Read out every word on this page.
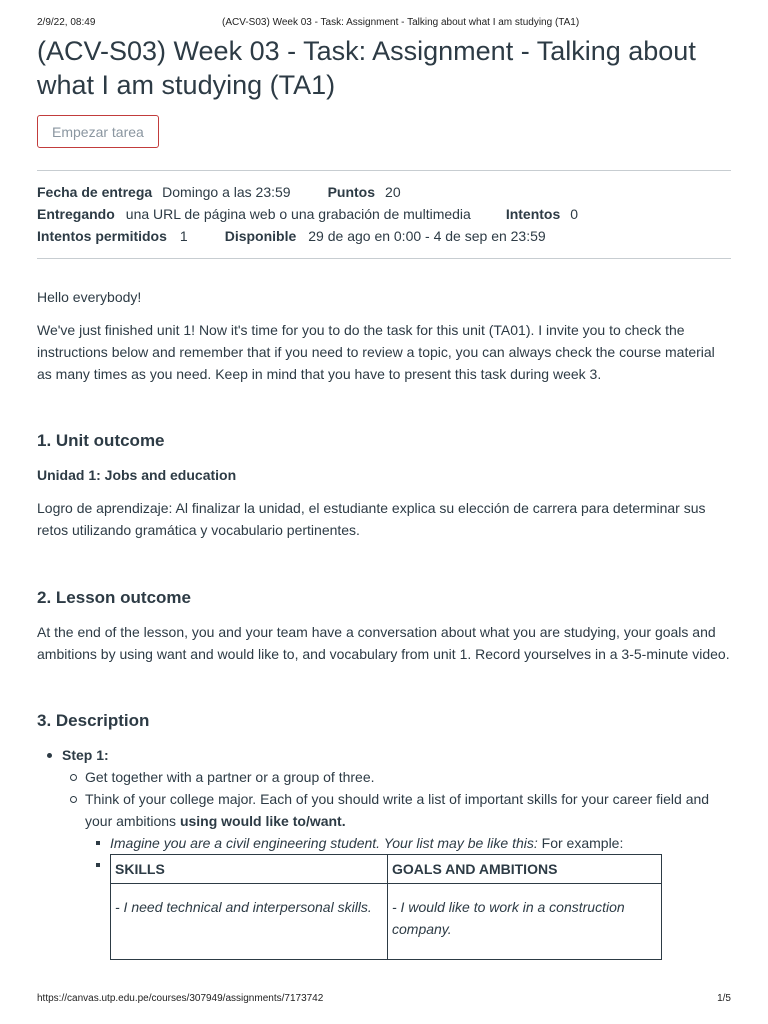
2/9/22, 08:49	(ACV-S03) Week 03 - Task: Assignment - Talking about what I am studying (TA1)
(ACV-S03) Week 03 - Task: Assignment - Talking about what I am studying (TA1)
Empezar tarea
Fecha de entrega Domingo a las 23:59	Puntos 20
Entregando una URL de página web o una grabación de multimedia	Intentos 0
Intentos permitidos 1	Disponible 29 de ago en 0:00 - 4 de sep en 23:59

Hello everybody!

We've just finished unit 1! Now it's time for you to do the task for this unit (TA01). I invite you to check the instructions below and remember that if you need to review a topic, you can always check the course material as many times as you need. Keep in mind that you have to present this task during week 3.

1. Unit outcome
Unidad 1: Jobs and education

Logro de aprendizaje: Al finalizar la unidad, el estudiante explica su elección de carrera para determinar sus retos utilizando gramática y vocabulario pertinentes.

2. Lesson outcome

At the end of the lesson, you and your team have a conversation about what you are studying, your goals and ambitions by using want and would like to, and vocabulary from unit 1. Record yourselves in a 3-5-minute video.

3. Description
Step 1:
Get together with a partner or a group of three.
Think of your college major. Each of you should write a list of important skills for your career field and your ambitions using would like to/want.
Imagine you are a civil engineering student. Your list may be like this: For example:
SKILLS	GOALS AND AMBITIONS
- I need technical and interpersonal skills.	- I would like to work in a construction company.
https://canvas.utp.edu.pe/courses/307949/assignments/7173742	1/5
